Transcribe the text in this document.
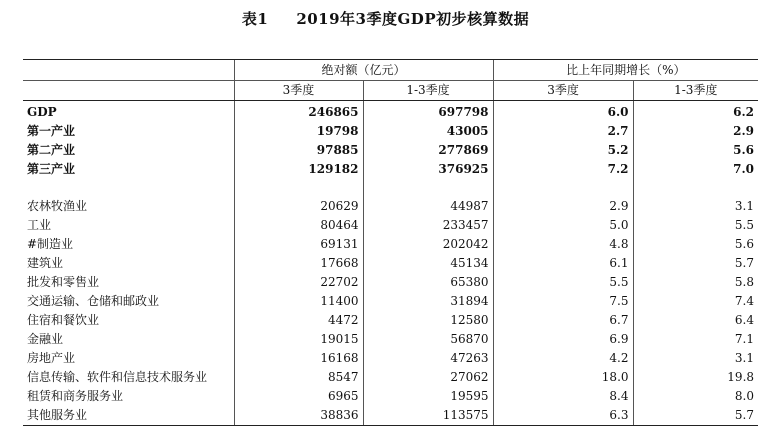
表1 2019年3季度GDP初步核算数据
	绝对额（亿元）		比上年同期增长（%）	
	3季度	1-3季度	3季度	1-3季度
GDP	246865	697798	6.0	6.2
第一产业	19798	43005	2.7	2.9
第二产业	97885	277869	5.2	5.6
第三产业	129182	376925	7.2	7.0

农林牧渔业	20629	44987	2.9	3.1
工业	80464	233457	5.0	5.5
#制造业	69131	202042	4.8	5.6
建筑业	17668	45134	6.1	5.7
批发和零售业	22702	65380	5.5	5.8
交通运输、仓储和邮政业	11400	31894	7.5	7.4
住宿和餐饮业	4472	12580	6.7	6.4
金融业	19015	56870	6.9	7.1
房地产业	16168	47263	4.2	3.1
信息传输、软件和信息技术服务业	8547	27062	18.0	19.8
租赁和商务服务业	6965	19595	8.4	8.0
其他服务业	38836	113575	6.3	5.7
